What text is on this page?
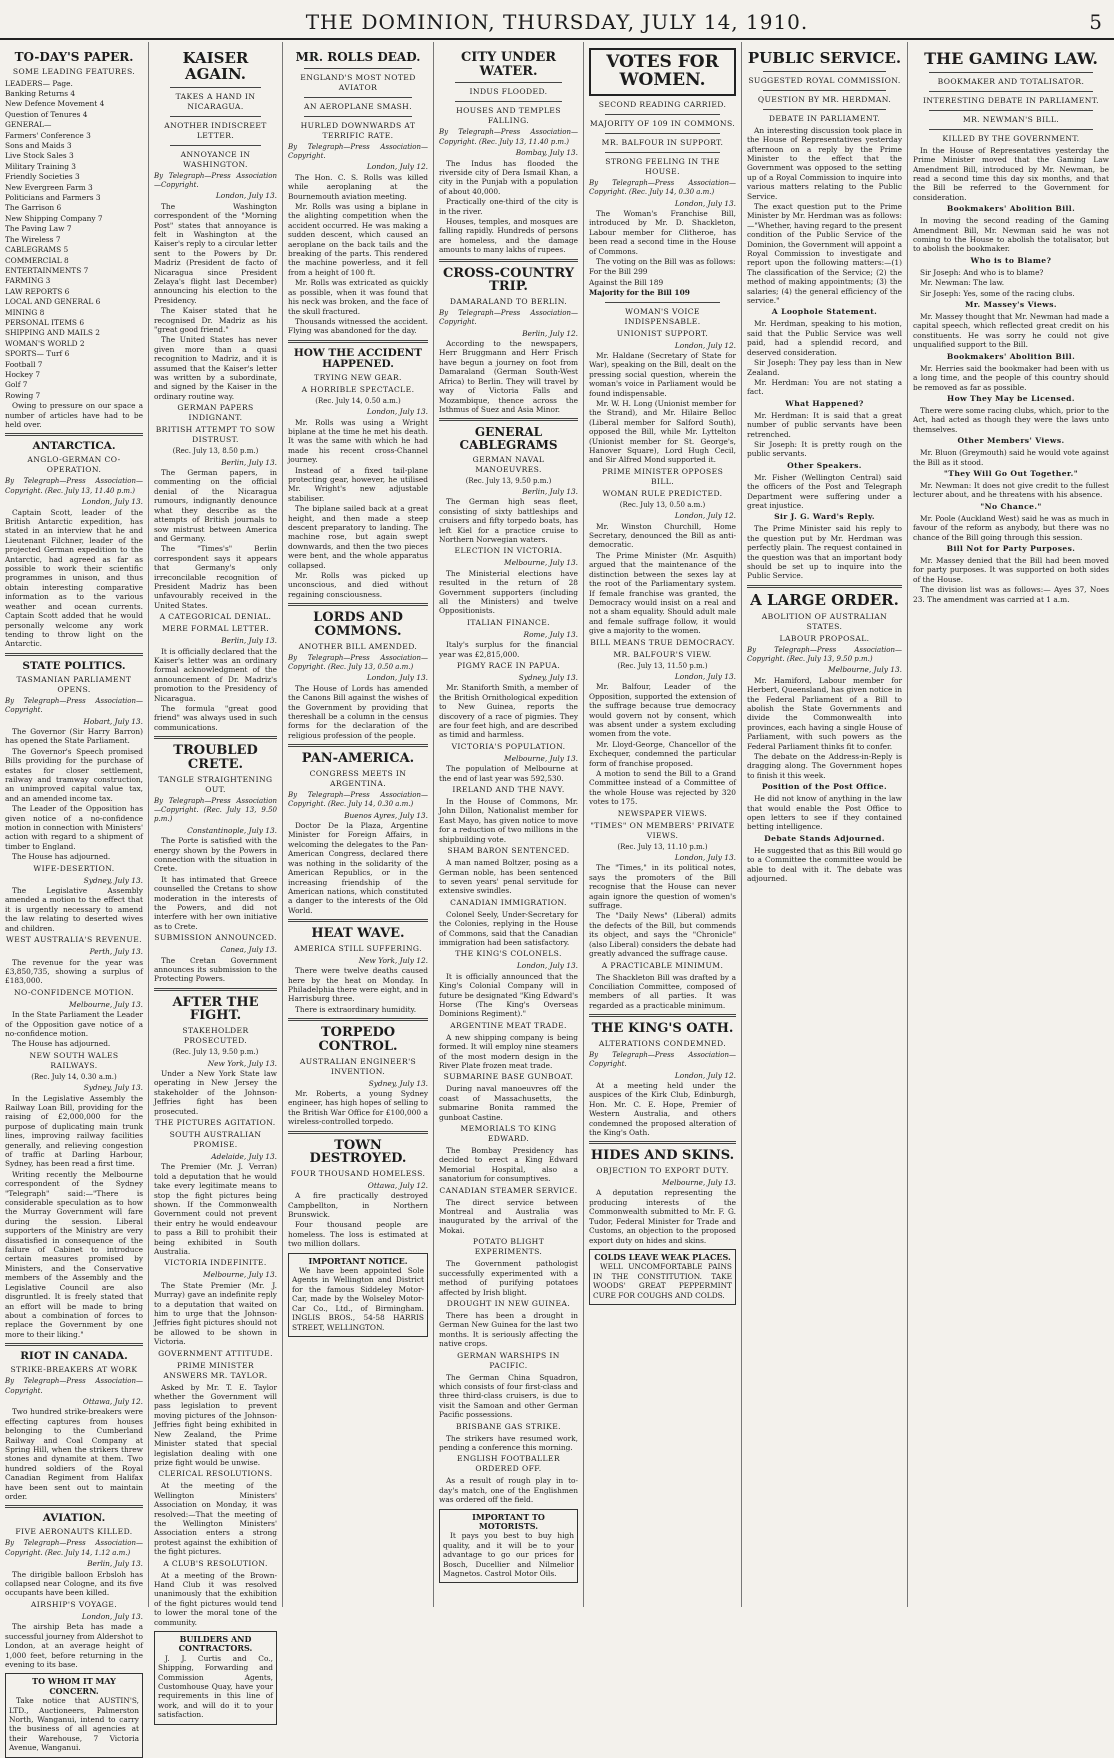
THE DOMINION, THURSDAY, JULY 14, 1910.	5
TO-DAY'S PAPER.
SOME LEADING FEATURES.

LEADERS— Page.

Banking Returns 4

New Defence Movement 4

Question of Tenures 4

GENERAL—

Farmers' Conference 3

Sons and Maids 3

Live Stock Sales 3

Military Training 3

Friendly Societies 3

New Evergreen Farm 3

Politicians and Farmers 3

The Garrison 6

New Shipping Company 7

The Paving Law 7

The Wireless 7

CABLEGRAMS 5

COMMERCIAL 8

ENTERTAINMENTS 7

FARMING 3

LAW REPORTS 6

LOCAL AND GENERAL 6

MINING 8

PERSONAL ITEMS 6

SHIPPING AND MAILS 2

WOMAN'S WORLD 2

SPORTS— Turf 6

Football 7

Hockey 7

Golf 7

Rowing 7

Owing to pressure on our space a number of articles have had to be held over.

ANTARCTICA.
ANGLO-GERMAN CO-OPERATION.

By Telegraph—Press Association—Copyright. (Rec. July 13, 11.40 p.m.)

London, July 13.

Captain Scott, leader of the British Antarctic expedition, has stated in an interview that he and Lieutenant Filchner, leader of the projected German expedition to the Antarctic, had agreed as far as possible to work their scientific programmes in unison, and thus obtain interesting comparative information as to the various weather and ocean currents. Captain Scott added that he would personally welcome any work tending to throw light on the Antarctic.

STATE POLITICS.
TASMANIAN PARLIAMENT OPENS.

By Telegraph—Press Association—Copyright.

Hobart, July 13.

The Governor (Sir Harry Barron) has opened the State Parliament.

The Governor's Speech promised Bills providing for the purchase of estates for closer settlement, railway and tramway construction, an unimproved capital value tax, and an amended income tax.

The Leader of the Opposition has given notice of a no-confidence motion in connection with Ministers' action with regard to a shipment of timber to England.

The House has adjourned.

WIFE-DESERTION.

Sydney, July 13.

The Legislative Assembly amended a motion to the effect that it is urgently necessary to amend the law relating to deserted wives and children.

WEST AUSTRALIA'S REVENUE.

Perth, July 13.

The revenue for the year was £3,850,735, showing a surplus of £183,000.

NO-CONFIDENCE MOTION.

Melbourne, July 13.

In the State Parliament the Leader of the Opposition gave notice of a no-confidence motion.

The House has adjourned.

NEW SOUTH WALES RAILWAYS.

(Rec. July 14, 0.30 a.m.)

Sydney, July 13.

In the Legislative Assembly the Railway Loan Bill, providing for the raising of £2,000,000 for the purpose of duplicating main trunk lines, improving railway facilities generally, and relieving congestion of traffic at Darling Harbour, Sydney, has been read a first time.

Writing recently the Melbourne correspondent of the Sydney "Telegraph" said:—"There is considerable speculation as to how the Murray Government will fare during the session. Liberal supporters of the Ministry are very dissatisfied in consequence of the failure of Cabinet to introduce certain measures promised by Ministers, and the Conservative members of the Assembly and the Legislative Council are also disgruntled. It is freely stated that an effort will be made to bring about a combination of forces to replace the Government by one more to their liking."

RIOT IN CANADA.
STRIKE-BREAKERS AT WORK

By Telegraph—Press Association—Copyright.

Ottawa, July 12.

Two hundred strike-breakers were effecting captures from houses belonging to the Cumberland Railway and Coal Company at Spring Hill, when the strikers threw stones and dynamite at them. Two hundred soldiers of the Royal Canadian Regiment from Halifax have been sent out to maintain order.

AVIATION.
FIVE AERONAUTS KILLED.

By Telegraph—Press Association—Copyright. (Rec. July 14, 1.12 a.m.)

Berlin, July 13.

The dirigible balloon Erbsloh has collapsed near Cologne, and its five occupants have been killed.

AIRSHIP'S VOYAGE.

London, July 13.

The airship Beta has made a successful journey from Aldershot to London, at an average height of 1,000 feet, before returning in the evening to its base.

TO WHOM IT MAY CONCERN.

Take notice that AUSTIN'S, LTD., Auctioneers, Palmerston North, Wanganui, intend to carry the business of all agencies at their Warehouse, 7 Victoria Avenue, Wanganui.

KAISER AGAIN.
TAKES A HAND IN NICARAGUA.
ANOTHER INDISCREET LETTER.
ANNOYANCE IN WASHINGTON.

By Telegraph—Press Association—Copyright.

London, July 13.

The Washington correspondent of the "Morning Post" states that annoyance is felt in Washington at the Kaiser's reply to a circular letter sent to the Powers by Dr. Madriz (President de facto of Nicaragua since President Zelaya's flight last December) announcing his election to the Presidency.

The Kaiser stated that he recognised Dr. Madriz as his "great good friend."

The United States has never given more than a quasi recognition to Madriz, and it is assumed that the Kaiser's letter was written by a subordinate, and signed by the Kaiser in the ordinary routine way.

GERMAN PAPERS INDIGNANT.
BRITISH ATTEMPT TO SOW DISTRUST.

(Rec. July 13, 8.50 p.m.)

Berlin, July 13.

The German papers, in commenting on the official denial of the Nicaragua rumours, indignantly denounce what they describe as the attempts of British journals to sow mistrust between America and Germany.

The "Times's" Berlin correspondent says it appears that Germany's only irreconcilable recognition of President Madriz has been unfavourably received in the United States.

A CATEGORICAL DENIAL.
MERE FORMAL LETTER.

Berlin, July 13.

It is officially declared that the Kaiser's letter was an ordinary formal acknowledgment of the announcement of Dr. Madriz's promotion to the Presidency of Nicaragua.

The formula "great good friend" was always used in such communications.

TROUBLED CRETE.
TANGLE STRAIGHTENING OUT.

By Telegraph—Press Association—Copyright. (Rec. July 13, 9.50 p.m.)

Constantinople, July 13.

The Porte is satisfied with the energy shown by the Powers in connection with the situation in Crete.

It has intimated that Greece counselled the Cretans to show moderation in the interests of the Powers, and did not interfere with her own initiative as to Crete.

SUBMISSION ANNOUNCED.

Canea, July 13.

The Cretan Government announces its submission to the Protecting Powers.

AFTER THE FIGHT.
STAKEHOLDER PROSECUTED.

(Rec. July 13, 9.50 p.m.)

New York, July 13.

Under a New York State law operating in New Jersey the stakeholder of the Johnson-Jeffries fight has been prosecuted.

THE PICTURES AGITATION.
SOUTH AUSTRALIAN PROMISE.

Adelaide, July 13.

The Premier (Mr. J. Verran) told a deputation that he would take every legitimate means to stop the fight pictures being shown. If the Commonwealth Government could not prevent their entry he would endeavour to pass a Bill to prohibit their being exhibited in South Australia.

VICTORIA INDEFINITE.

Melbourne, July 13.

The State Premier (Mr. J. Murray) gave an indefinite reply to a deputation that waited on him to urge that the Johnson-Jeffries fight pictures should not be allowed to be shown in Victoria.

GOVERNMENT ATTITUDE.
PRIME MINISTER ANSWERS MR. TAYLOR.

Asked by Mr. T. E. Taylor whether the Government will pass legislation to prevent moving pictures of the Johnson-Jeffries fight being exhibited in New Zealand, the Prime Minister stated that special legislation dealing with one prize fight would be unwise.

CLERICAL RESOLUTIONS.

At the meeting of the Wellington Ministers' Association on Monday, it was resolved:—That the meeting of the Wellington Ministers' Association enters a strong protest against the exhibition of the fight pictures.

A CLUB'S RESOLUTION.

At a meeting of the Brown-Hand Club it was resolved unanimously that the exhibition of the fight pictures would tend to lower the moral tone of the community.

BUILDERS AND CONTRACTORS.

J. J. Curtis and Co., Shipping, Forwarding and Commission Agents, Customhouse Quay, have your requirements in this line of work, and will do it to your satisfaction.

MR. ROLLS DEAD.
ENGLAND'S MOST NOTED AVIATOR
AN AEROPLANE SMASH.
HURLED DOWNWARDS AT TERRIFIC RATE.

By Telegraph—Press Association—Copyright.

London, July 12.

The Hon. C. S. Rolls was killed while aeroplaning at the Bournemouth aviation meeting.

Mr. Rolls was using a biplane in the alighting competition when the accident occurred. He was making a sudden descent, which caused an aeroplane on the back tails and the breaking of the parts. This rendered the machine powerless, and it fell from a height of 100 ft.

Mr. Rolls was extricated as quickly as possible, when it was found that his neck was broken, and the face of the skull fractured.

Thousands witnessed the accident. Flying was abandoned for the day.

HOW THE ACCIDENT HAPPENED.
TRYING NEW GEAR.
A HORRIBLE SPECTACLE.

(Rec. July 14, 0.50 a.m.)

London, July 13.

Mr. Rolls was using a Wright biplane at the time he met his death. It was the same with which he had made his recent cross-Channel journey.

Instead of a fixed tail-plane protecting gear, however, he utilised Mr. Wright's new adjustable stabiliser.

The biplane sailed back at a great height, and then made a steep descent preparatory to landing. The machine rose, but again swept downwards, and then the two pieces were bent, and the whole apparatus collapsed.

Mr. Rolls was picked up unconscious, and died without regaining consciousness.

LORDS AND COMMONS.
ANOTHER BILL AMENDED.

By Telegraph—Press Association—Copyright. (Rec. July 13, 0.50 a.m.)

London, July 13.

The House of Lords has amended the Canons Bill against the wishes of the Government by providing that thereshall be a column in the census forms for the declaration of the religious profession of the people.

PAN-AMERICA.
CONGRESS MEETS IN ARGENTINA.

By Telegraph—Press Association—Copyright. (Rec. July 14, 0.30 a.m.)

Buenos Ayres, July 13.

Doctor De la Plaza, Argentine Minister for Foreign Affairs, in welcoming the delegates to the Pan-American Congress, declared there was nothing in the solidarity of the American Republics, or in the increasing friendship of the American nations, which constituted a danger to the interests of the Old World.

HEAT WAVE.
AMERICA STILL SUFFERING.

New York, July 12.

There were twelve deaths caused here by the heat on Monday. In Philadelphia there were eight, and in Harrisburg three.

There is extraordinary humidity.

TORPEDO CONTROL.
AUSTRALIAN ENGINEER'S INVENTION.

Sydney, July 13.

Mr. Roberts, a young Sydney engineer, has high hopes of selling to the British War Office for £100,000 a wireless-controlled torpedo.

TOWN DESTROYED.
FOUR THOUSAND HOMELESS.

Ottawa, July 12.

A fire practically destroyed Campbellton, in Northern Brunswick.

Four thousand people are homeless. The loss is estimated at two million dollars.

IMPORTANT NOTICE.

We have been appointed Sole Agents in Wellington and District for the famous Siddeley Motor-Car, made by the Wolseley Motor-Car Co., Ltd., of Birmingham. INGLIS BROS., 54-58 HARRIS STREET, WELLINGTON.

CITY UNDER WATER.
INDUS FLOODED.
HOUSES AND TEMPLES FALLING.

By Telegraph—Press Association—Copyright. (Rec. July 13, 11.40 p.m.)

Bombay, July 13.

The Indus has flooded the riverside city of Dera Ismail Khan, a city in the Punjab with a population of about 40,000.

Practically one-third of the city is in the river.

Houses, temples, and mosques are falling rapidly. Hundreds of persons are homeless, and the damage amounts to many lakhs of rupees.

CROSS-COUNTRY TRIP.
DAMARALAND TO BERLIN.

By Telegraph—Press Association—Copyright.

Berlin, July 12.

According to the newspapers, Herr Bruggmann and Herr Frisch have begun a journey on foot from Damaraland (German South-West Africa) to Berlin. They will travel by way of Victoria Falls and Mozambique, thence across the Isthmus of Suez and Asia Minor.

GENERAL CABLEGRAMS
GERMAN NAVAL MANOEUVRES.

(Rec. July 13, 9.50 p.m.)

Berlin, July 13.

The German high seas fleet, consisting of sixty battleships and cruisers and fifty torpedo boats, has left Kiel for a practice cruise to Northern Norwegian waters.

ELECTION IN VICTORIA.

Melbourne, July 13.

The Ministerial elections have resulted in the return of 28 Government supporters (including all the Ministers) and twelve Oppositionists.

ITALIAN FINANCE.

Rome, July 13.

Italy's surplus for the financial year was £2,815,000.

PIGMY RACE IN PAPUA.

Sydney, July 13.

Mr. Staniforth Smith, a member of the British Ornithological expedition to New Guinea, reports the discovery of a race of pigmies. They are four feet high, and are described as timid and harmless.

VICTORIA'S POPULATION.

Melbourne, July 13.

The population of Melbourne at the end of last year was 592,530.

IRELAND AND THE NAVY.

In the House of Commons, Mr. John Dillon, Nationalist member for East Mayo, has given notice to move for a reduction of two millions in the shipbuilding vote.

SHAM BARON SENTENCED.

A man named Boltzer, posing as a German noble, has been sentenced to seven years' penal servitude for extensive swindles.

CANADIAN IMMIGRATION.

Colonel Seely, Under-Secretary for the Colonies, replying in the House of Commons, said that the Canadian immigration had been satisfactory.

THE KING'S COLONELS.

London, July 13.

It is officially announced that the King's Colonial Company will in future be designated "King Edward's Horse (The King's Overseas Dominions Regiment)."

ARGENTINE MEAT TRADE.

A new shipping company is being formed. It will employ nine steamers of the most modern design in the River Plate frozen meat trade.

SUBMARINE BASE GUNBOAT.

During naval manoeuvres off the coast of Massachusetts, the submarine Bonita rammed the gunboat Castine.

MEMORIALS TO KING EDWARD.

The Bombay Presidency has decided to erect a King Edward Memorial Hospital, also a sanatorium for consumptives.

CANADIAN STEAMER SERVICE.

The direct service between Montreal and Australia was inaugurated by the arrival of the Mokai.

POTATO BLIGHT EXPERIMENTS.

The Government pathologist successfully experimented with a method of purifying potatoes affected by Irish blight.

DROUGHT IN NEW GUINEA.

There has been a drought in German New Guinea for the last two months. It is seriously affecting the native crops.

GERMAN WARSHIPS IN PACIFIC.

The German China Squadron, which consists of four first-class and three third-class cruisers, is due to visit the Samoan and other German Pacific possessions.

BRISBANE GAS STRIKE.

The strikers have resumed work, pending a conference this morning.

ENGLISH FOOTBALLER ORDERED OFF.

As a result of rough play in to-day's match, one of the Englishmen was ordered off the field.

IMPORTANT TO MOTORISTS.

It pays you best to buy high quality, and it will be to your advantage to go our prices for Bosch, Ducellier and Nilmelior Magnetos. Castrol Motor Oils.

VOTES FOR WOMEN.
SECOND READING CARRIED.
MAJORITY OF 109 IN COMMONS.
MR. BALFOUR IN SUPPORT.
STRONG FEELING IN THE HOUSE.

By Telegraph—Press Association—Copyright. (Rec. July 14, 0.30 a.m.)

London, July 13.

The Woman's Franchise Bill, introduced by Mr. D. Shackleton, Labour member for Clitheroe, has been read a second time in the House of Commons.

The voting on the Bill was as follows:

For the Bill 299

Against the Bill 189

Majority for the Bill 109

WOMAN'S VOICE INDISPENSABLE.
UNIONIST SUPPORT.

London, July 12.

Mr. Haldane (Secretary of State for War), speaking on the Bill, dealt on the pressing social question, wherein the woman's voice in Parliament would be found indispensable.

Mr. W. H. Long (Unionist member for the Strand), and Mr. Hilaire Belloc (Liberal member for Salford South), opposed the Bill, while Mr. Lyttelton (Unionist member for St. George's, Hanover Square), Lord Hugh Cecil, and Sir Alfred Mond supported it.

PRIME MINISTER OPPOSES BILL.
WOMAN RULE PREDICTED.

(Rec. July 13, 0.50 a.m.)

London, July 12.

Mr. Winston Churchill, Home Secretary, denounced the Bill as anti-democratic.

The Prime Minister (Mr. Asquith) argued that the maintenance of the distinction between the sexes lay at the root of the Parliamentary system. If female franchise was granted, the Democracy would insist on a real and not a sham equality. Should adult male and female suffrage follow, it would give a majority to the women.

BILL MEANS TRUE DEMOCRACY.
MR. BALFOUR'S VIEW.

(Rec. July 13, 11.50 p.m.)

London, July 13.

Mr. Balfour, Leader of the Opposition, supported the extension of the suffrage because true democracy would govern not by consent, which was absent under a system excluding women from the vote.

Mr. Lloyd-George, Chancellor of the Exchequer, condemned the particular form of franchise proposed.

A motion to send the Bill to a Grand Committee instead of a Committee of the whole House was rejected by 320 votes to 175.

NEWSPAPER VIEWS.
"TIMES" ON MEMBERS' PRIVATE VIEWS.

(Rec. July 13, 11.10 p.m.)

London, July 13.

The "Times," in its political notes, says the promoters of the Bill recognise that the House can never again ignore the question of women's suffrage.

The "Daily News" (Liberal) admits the defects of the Bill, but commends its object, and says the "Chronicle" (also Liberal) considers the debate had greatly advanced the suffrage cause.

A PRACTICABLE MINIMUM.

The Shackleton Bill was drafted by a Conciliation Committee, composed of members of all parties. It was regarded as a practicable minimum.

THE KING'S OATH.
ALTERATIONS CONDEMNED.

By Telegraph—Press Association—Copyright.

London, July 12.

At a meeting held under the auspices of the Kirk Club, Edinburgh, Hon. Mr. C. E. Hope, Premier of Western Australia, and others condemned the proposed alteration of the King's Oath.

HIDES AND SKINS.
OBJECTION TO EXPORT DUTY.

Melbourne, July 13.

A deputation representing the producing interests of the Commonwealth submitted to Mr. F. G. Tudor, Federal Minister for Trade and Customs, an objection to the proposed export duty on hides and skins.

COLDS LEAVE WEAK PLACES.

WELL UNCOMFORTABLE PAINS IN THE CONSTITUTION. TAKE WOODS' GREAT PEPPERMINT CURE FOR COUGHS AND COLDS.

PUBLIC SERVICE.
SUGGESTED ROYAL COMMISSION.
QUESTION BY MR. HERDMAN.
DEBATE IN PARLIAMENT.

An interesting discussion took place in the House of Representatives yesterday afternoon on a reply by the Prime Minister to the effect that the Government was opposed to the setting up of a Royal Commission to inquire into various matters relating to the Public Service.

The exact question put to the Prime Minister by Mr. Herdman was as follows:—"Whether, having regard to the present condition of the Public Service of the Dominion, the Government will appoint a Royal Commission to investigate and report upon the following matters:—(1) The classification of the Service; (2) the method of making appointments; (3) the salaries; (4) the general efficiency of the service."

A Loophole Statement.

Mr. Herdman, speaking to his motion, said that the Public Service was well paid, had a splendid record, and deserved consideration.

Sir Joseph: They pay less than in New Zealand.

Mr. Herdman: You are not stating a fact.

What Happened?

Mr. Herdman: It is said that a great number of public servants have been retrenched.

Sir Joseph: It is pretty rough on the public servants.

Other Speakers.

Mr. Fisher (Wellington Central) said the officers of the Post and Telegraph Department were suffering under a great injustice.

Sir J. G. Ward's Reply.

The Prime Minister said his reply to the question put by Mr. Herdman was perfectly plain. The request contained in the question was that an important body should be set up to inquire into the Public Service.

A LARGE ORDER.
ABOLITION OF AUSTRALIAN STATES.
LABOUR PROPOSAL.

By Telegraph—Press Association—Copyright. (Rec. July 13, 9.50 p.m.)

Melbourne, July 13.

Mr. Hamiford, Labour member for Herbert, Queensland, has given notice in the Federal Parliament of a Bill to abolish the State Governments and divide the Commonwealth into provinces, each having a single House of Parliament, with such powers as the Federal Parliament thinks fit to confer.

The debate on the Address-in-Reply is dragging along. The Government hopes to finish it this week.

Position of the Post Office.

He did not know of anything in the law that would enable the Post Office to open letters to see if they contained betting intelligence.

Debate Stands Adjourned.

He suggested that as this Bill would go to a Committee the committee would be able to deal with it. The debate was adjourned.

THE GAMING LAW.
BOOKMAKER AND TOTALISATOR.
INTERESTING DEBATE IN PARLIAMENT.
MR. NEWMAN'S BILL.
KILLED BY THE GOVERNMENT.

In the House of Representatives yesterday the Prime Minister moved that the Gaming Law Amendment Bill, introduced by Mr. Newman, be read a second time this day six months, and that the Bill be referred to the Government for consideration.

Bookmakers' Abolition Bill.

In moving the second reading of the Gaming Amendment Bill, Mr. Newman said he was not coming to the House to abolish the totalisator, but to abolish the bookmaker.

Who is to Blame?

Sir Joseph: And who is to blame?

Mr. Newman: The law.

Sir Joseph: Yes, some of the racing clubs.

Mr. Massey's Views.

Mr. Massey thought that Mr. Newman had made a capital speech, which reflected great credit on his constituents. He was sorry he could not give unqualified support to the Bill.

Bookmakers' Abolition Bill.

Mr. Herries said the bookmaker had been with us a long time, and the people of this country should be removed as far as possible.

How They May be Licensed.

There were some racing clubs, which, prior to the Act, had acted as though they were the laws unto themselves.

Other Members' Views.

Mr. Bluon (Greymouth) said he would vote against the Bill as it stood.

"They Will Go Out Together."

Mr. Newman: It does not give credit to the fullest lecturer about, and he threatens with his absence.

"No Chance."

Mr. Poole (Auckland West) said he was as much in favour of the reform as anybody, but there was no chance of the Bill going through this session.

Bill Not for Party Purposes.

Mr. Massey denied that the Bill had been moved for party purposes. It was supported on both sides of the House.

The division list was as follows:— Ayes 37, Noes 23. The amendment was carried at 1 a.m.
